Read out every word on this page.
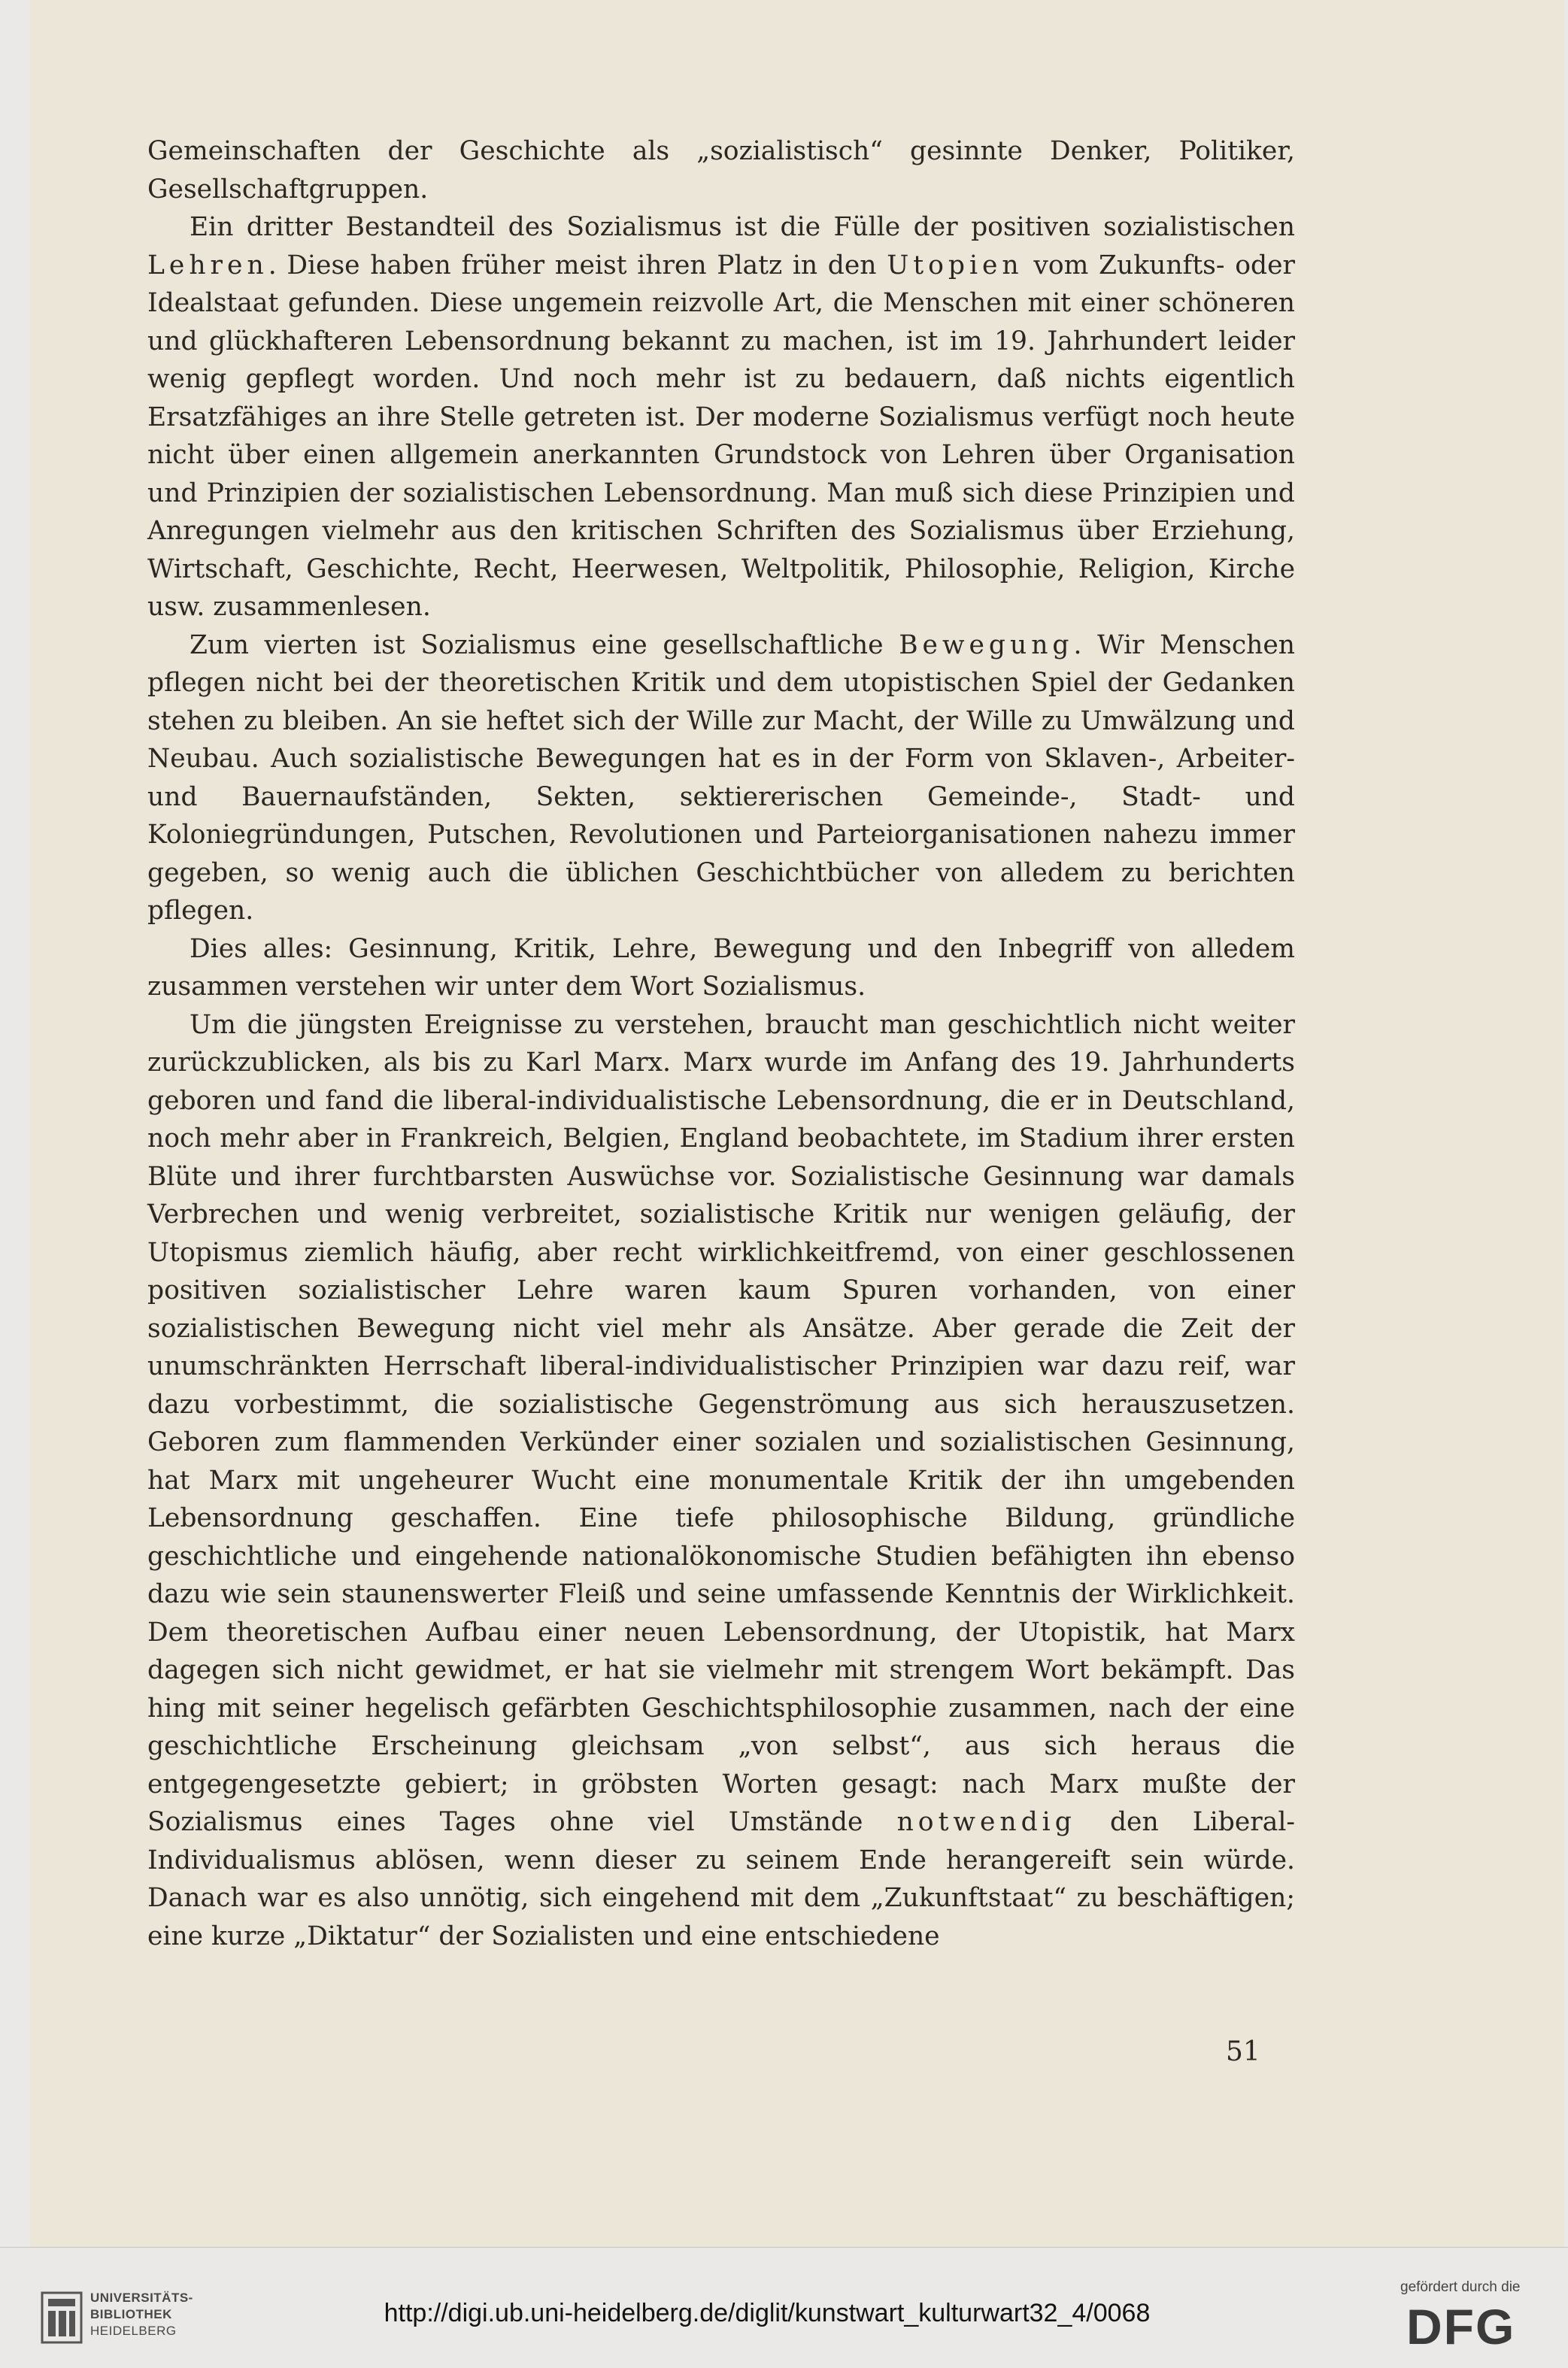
Gemeinschaften der Geschichte als „sozialistisch“ gesinnte Denker, Politiker, Gesellschaftgruppen.

Ein dritter Bestandteil des Sozialismus ist die Fülle der positiven sozialistischen Lehren. Diese haben früher meist ihren Platz in den Utopien vom Zukunfts- oder Idealstaat gefunden. Diese ungemein reizvolle Art, die Menschen mit einer schöneren und glückhafteren Lebensordnung bekannt zu machen, ist im 19. Jahrhundert leider wenig gepflegt worden. Und noch mehr ist zu bedauern, daß nichts eigentlich Ersatzfähiges an ihre Stelle getreten ist. Der moderne Sozialismus verfügt noch heute nicht über einen allgemein anerkannten Grundstock von Lehren über Organisation und Prinzipien der sozialistischen Lebensordnung. Man muß sich diese Prinzipien und Anregungen vielmehr aus den kritischen Schriften des Sozialismus über Erziehung, Wirtschaft, Geschichte, Recht, Heerwesen, Weltpolitik, Philosophie, Religion, Kirche usw. zusammenlesen.

Zum vierten ist Sozialismus eine gesellschaftliche Bewegung. Wir Menschen pflegen nicht bei der theoretischen Kritik und dem utopistischen Spiel der Gedanken stehen zu bleiben. An sie heftet sich der Wille zur Macht, der Wille zu Umwälzung und Neubau. Auch sozialistische Bewegungen hat es in der Form von Sklaven-, Arbeiter- und Bauernaufständen, Sekten, sektiererischen Gemeinde-, Stadt- und Koloniegründungen, Putschen, Revolutionen und Parteiorganisationen nahezu immer gegeben, so wenig auch die üblichen Geschichtbücher von alledem zu berichten pflegen.

Dies alles: Gesinnung, Kritik, Lehre, Bewegung und den Inbegriff von alledem zusammen verstehen wir unter dem Wort Sozialismus.

Um die jüngsten Ereignisse zu verstehen, braucht man geschichtlich nicht weiter zurückzublicken, als bis zu Karl Marx. Marx wurde im Anfang des 19. Jahrhunderts geboren und fand die liberal-individualistische Lebensordnung, die er in Deutschland, noch mehr aber in Frankreich, Belgien, England beobachtete, im Stadium ihrer ersten Blüte und ihrer furchtbarsten Auswüchse vor. Sozialistische Gesinnung war damals Verbrechen und wenig verbreitet, sozialistische Kritik nur wenigen geläufig, der Utopismus ziemlich häufig, aber recht wirklichkeitfremd, von einer geschlossenen positiven sozialistischer Lehre waren kaum Spuren vorhanden, von einer sozialistischen Bewegung nicht viel mehr als Ansätze. Aber gerade die Zeit der unumschränkten Herrschaft liberal-individualistischer Prinzipien war dazu reif, war dazu vorbestimmt, die sozialistische Gegenströmung aus sich herauszusetzen. Geboren zum flammenden Verkünder einer sozialen und sozialistischen Gesinnung, hat Marx mit ungeheurer Wucht eine monumentale Kritik der ihn umgebenden Lebensordnung geschaffen. Eine tiefe philosophische Bildung, gründliche geschichtliche und eingehende nationalökonomische Studien befähigten ihn ebenso dazu wie sein staunenswerter Fleiß und seine umfassende Kenntnis der Wirklichkeit. Dem theoretischen Aufbau einer neuen Lebensordnung, der Utopistik, hat Marx dagegen sich nicht gewidmet, er hat sie vielmehr mit strengem Wort bekämpft. Das hing mit seiner hegelisch gefärbten Geschichtsphilosophie zusammen, nach der eine geschichtliche Erscheinung gleichsam „von selbst“, aus sich heraus die entgegengesetzte gebiert; in gröbsten Worten gesagt: nach Marx mußte der Sozialismus eines Tages ohne viel Umstände notwendig den Liberal-Individualismus ablösen, wenn dieser zu seinem Ende herangereift sein würde. Danach war es also unnötig, sich eingehend mit dem „Zukunftstaat“ zu beschäftigen; eine kurze „Diktatur“ der Sozialisten und eine entschiedene

51
UNIVERSITÄTS-
BIBLIOTHEK
HEIDELBERG
http://digi.ub.uni-heidelberg.de/diglit/kunstwart_kulturwart32_4/0068
gefördert durch die
DFG
